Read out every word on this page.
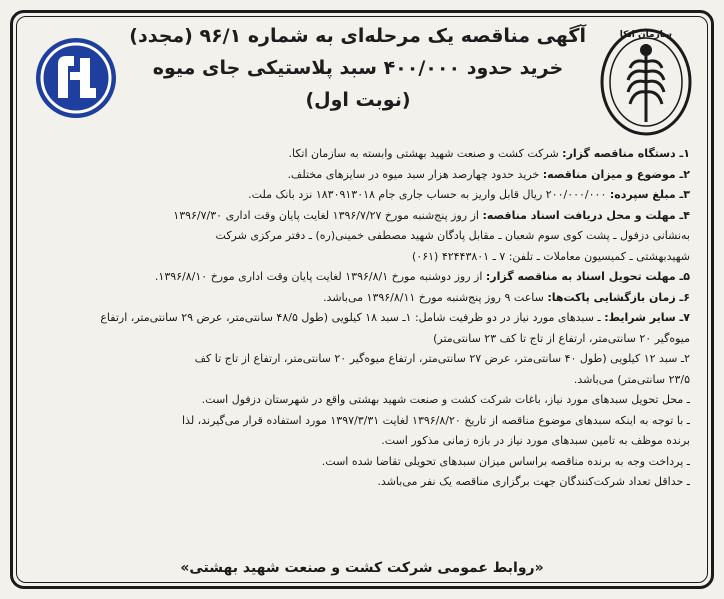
سازمان اتکا
آگهی مناقصه یک مرحله‌ای به شماره ۹۶/۱ (مجدد)
خرید حدود ۴۰۰/۰۰۰ سبد پلاستیکی جای میوه
(نوبت اول)
۱ـ دستگاه مناقصه گزار: شرکت کشت و صنعت شهید بهشتی وابسته به سازمان اتکا.
۲ـ موضوع و میزان مناقصه: خرید حدود چهارصد هزار سبد میوه در سایزهای مختلف.
۳ـ مبلغ سپرده: ۲۰۰/۰۰۰/۰۰۰ ریال قابل واریز به حساب جاری جام ۱۸۳۰۹۱۳۰۱۸ نزد بانک ملت.
۴ـ مهلت و محل دریافت اسناد مناقصه: از روز پنج‌شنبه مورخ ۱۳۹۶/۷/۲۷ لغایت پایان وقت اداری ۱۳۹۶/۷/۳۰
به‌نشانی دزفول ـ پشت کوی سوم شعبان ـ مقابل پادگان شهید مصطفی خمینی(ره) ـ دفتر مرکزی شرکت
شهیدبهشتی ـ کمیسیون معاملات ـ تلفن: ۷ ـ ۴۲۴۴۳۸۰۱ (۰۶۱)
۵ـ مهلت تحویل اسناد به مناقصه گزار: از روز دوشنبه مورخ ۱۳۹۶/۸/۱ لغایت پایان وقت اداری مورخ ۱۳۹۶/۸/۱۰.
۶ـ زمان بازگشایی پاکت‌ها: ساعت ۹ روز پنج‌شنبه مورخ ۱۳۹۶/۸/۱۱ می‌باشد.
۷ـ سایر شرایط: ـ سبدهای مورد نیاز در دو ظرفیت شامل: ۱ـ سبد ۱۸ کیلویی (طول ۴۸/۵ سانتی‌متر، عرض ۲۹ سانتی‌متر، ارتفاع
میوه‌گیر ۲۰ سانتی‌متر، ارتفاع از تاج تا کف ۲۳ سانتی‌متر)
۲ـ سبد ۱۲ کیلویی (طول ۴۰ سانتی‌متر، عرض ۲۷ سانتی‌متر، ارتفاع میوه‌گیر ۲۰ سانتی‌متر، ارتفاع از تاج تا کف
۲۳/۵ سانتی‌متر) می‌باشد.
ـ محل تحویل سبدهای مورد نیاز، باغات شرکت کشت و صنعت شهید بهشتی واقع در شهرستان دزفول است.
ـ با توجه به اینکه سبدهای موضوع مناقصه از تاریخ ۱۳۹۶/۸/۲۰ لغایت ۱۳۹۷/۳/۳۱ مورد استفاده قرار می‌گیرند، لذا
برنده موظف به تامین سبدهای مورد نیاز در بازه زمانی مذکور است.
ـ پرداخت وجه به برنده مناقصه براساس میزان سبدهای تحویلی تقاضا شده است.
ـ حداقل تعداد شرکت‌کنندگان جهت برگزاری مناقصه یک نفر می‌باشد.
«روابط عمومی شرکت کشت و صنعت شهید بهشتی»
